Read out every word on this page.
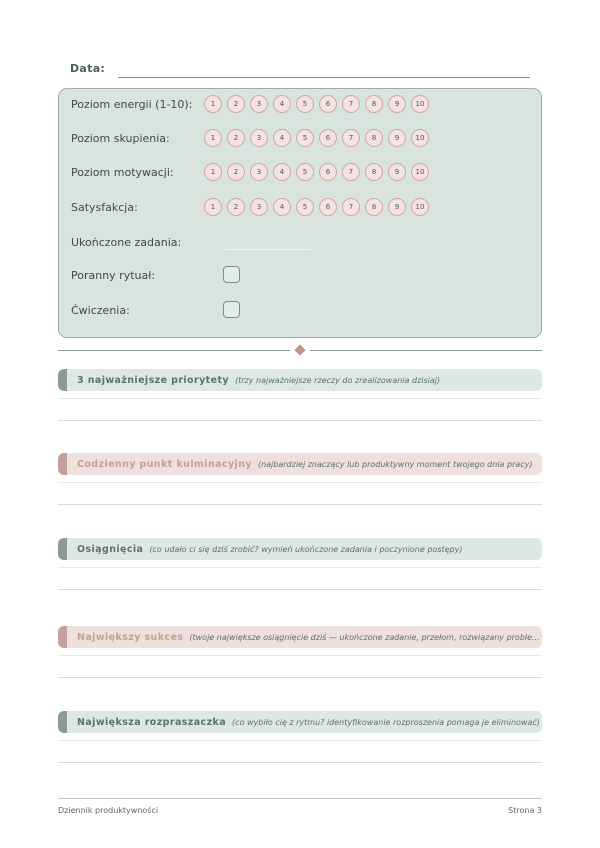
Data:
Poziom energii (1-10):	1	2	3	4	5	6	7	8	9	10
Poziom skupienia:	1	2	3	4	5	6	7	8	9	10
Poziom motywacji:	1	2	3	4	5	6	7	8	9	10
Satysfakcja:	1	2	3	4	5	6	7	8	9	10
Ukończone zadania:
Poranny rytuał:
Ćwiczenia:
3 najważniejsze priorytety (trzy najważniejsze rzeczy do zrealizowania dzisiaj)
Codzienny punkt kulminacyjny (najbardziej znaczący lub produktywny moment twojego dnia pracy)
Osiągnięcia (co udało ci się dziś zrobić? wymień ukończone zadania i poczynione postępy)
Największy sukces (twoje największe osiągnięcie dziś — ukończone zadanie, przełom, rozwiązany proble...
Największa rozpraszaczka (co wybiło cię z rytmu? identyfikowanie rozproszenia pomaga je eliminować)
Dziennik produktywności	Strona 3
